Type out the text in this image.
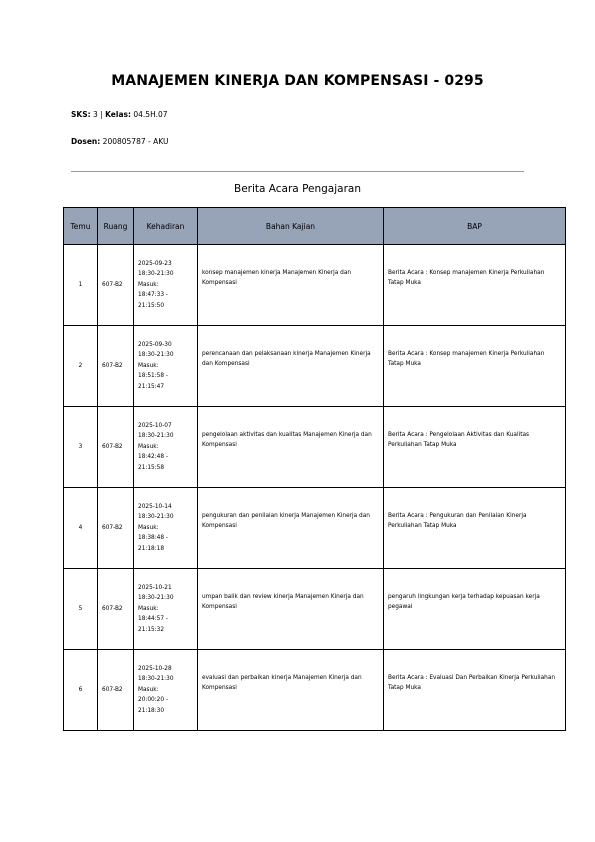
MANAJEMEN KINERJA DAN KOMPENSASI - 0295
SKS: 3 | Kelas: 04.5H.07
Dosen: 200805787 - AKU
Berita Acara Pengajaran
Temu	Ruang	Kehadiran	Bahan Kajian	BAP
1	607-B2	2025-09-23
18:30-21:30
Masuk:
18:47:33 -
21:15:50	konsep manajemen kinerja Manajemen Kinerja dan Kompensasi	Berita Acara : Konsep manajemen Kinerja Perkuliahan Tatap Muka

2	607-B2	2025-09-30
18:30-21:30
Masuk:
18:51:58 -
21:15:47	perencanaan dan pelaksanaan kinerja Manajemen Kinerja dan Kompensasi	Berita Acara : Konsep manajemen Kinerja Perkuliahan Tatap Muka

3	607-B2	2025-10-07
18:30-21:30
Masuk:
18:42:48 -
21:15:58	pengelolaan aktivitas dan kualitas Manajemen Kinerja dan Kompensasi	Berita Acara : Pengelolaan Aktivitas dan Kualitas Perkuliahan Tatap Muka

4	607-B2	2025-10-14
18:30-21:30
Masuk:
18:38:48 -
21:18:18	pengukuran dan penilaian kinerja Manajemen Kinerja dan Kompensasi	Berita Acara : Pengukuran dan Penilaian Kinerja Perkuliahan Tatap Muka

5	607-B2	2025-10-21
18:30-21:30
Masuk:
18:44:57 -
21:15:32	umpan balik dan review kinerja Manajemen Kinerja dan Kompensasi	pengaruh lingkungan kerja terhadap kepuasan kerja pegawai

6	607-B2	2025-10-28
18:30-21:30
Masuk:
20:00:20 -
21:18:30	evaluasi dan perbaikan kinerja Manajemen Kinerja dan Kompensasi	Berita Acara : Evaluasi Dan Perbaikan Kinerja Perkuliahan Tatap Muka
